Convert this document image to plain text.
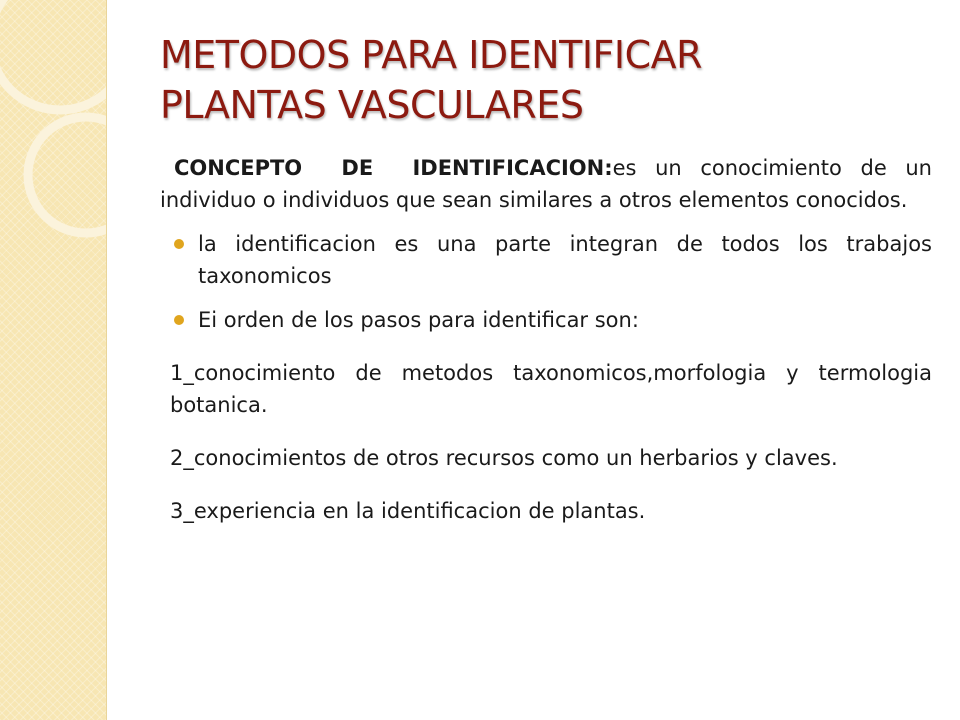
METODOS PARA IDENTIFICAR
PLANTAS VASCULARES

CONCEPTO DE IDENTIFICACION:es un conocimiento de un individuo o individuos que sean similares a otros elementos conocidos.

la identificacion es una parte integran de todos los trabajos taxonomicos
Ei orden de los pasos para identificar son:

1_conocimiento de metodos taxonomicos,morfologia y termologia botanica.

2_conocimientos de otros recursos como un herbarios y claves.

3_experiencia en la identificacion de plantas.
